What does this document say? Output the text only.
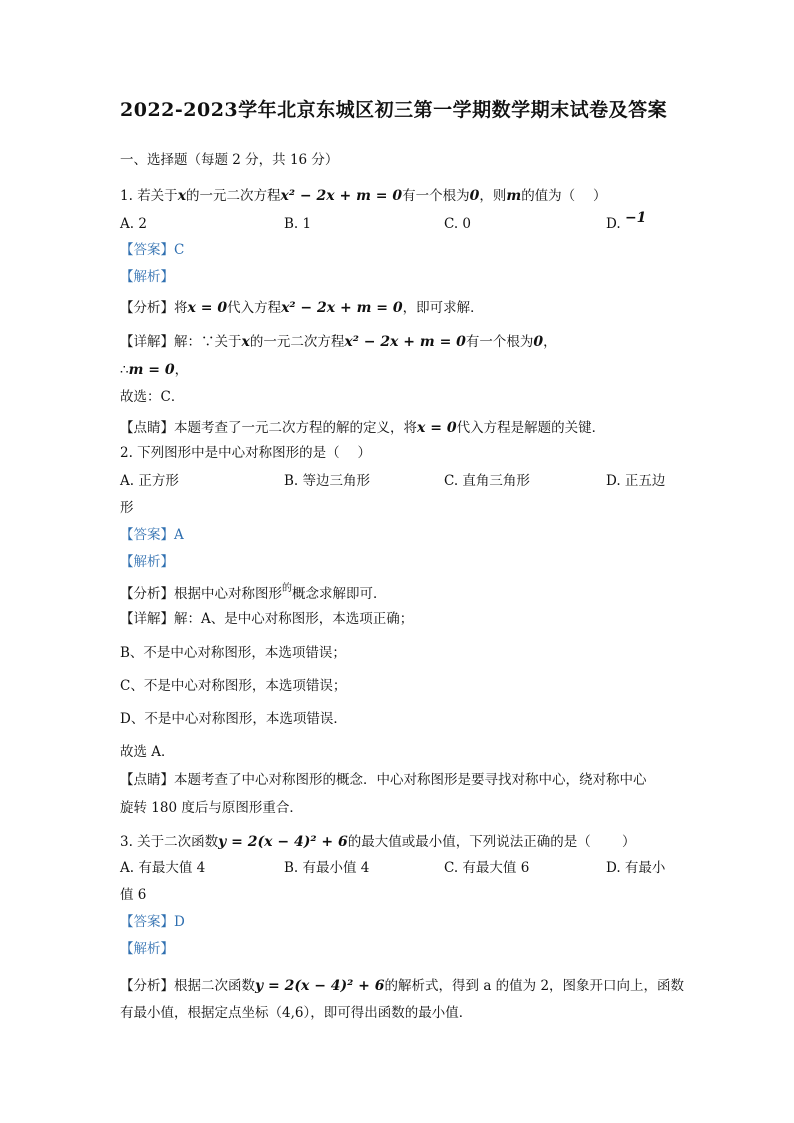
2022-2023学年北京东城区初三第一学期数学期末试卷及答案
一、选择题（每题 2 分，共 16 分）
1. 若关于x的一元二次方程x² − 2x + m = 0有一个根为0，则m的值为（　 ）
A. 2	B. 1	C. 0	D. −1
【答案】C
【解析】
【分析】将x = 0代入方程x² − 2x + m = 0，即可求解．
【详解】解：∵关于x的一元二次方程x² − 2x + m = 0有一个根为0，
∴m = 0，
故选：C．
【点睛】本题考查了一元二次方程的解的定义，将x = 0代入方程是解题的关键．
2. 下列图形中是中心对称图形的是（　 ）
A. 正方形	B. 等边三角形	C. 直角三角形	D. 正五边
形
【答案】A
【解析】
【分析】根据中心对称图形$^的$概念求解即可．
【详解】解：A、是中心对称图形，本选项正确；
B、不是中心对称图形，本选项错误；
C、不是中心对称图形，本选项错误；
D、不是中心对称图形，本选项错误．
故选 A．
【点睛】本题考查了中心对称图形的概念．中心对称图形是要寻找对称中心，绕对称中心
旋转 180 度后与原图形重合．
3. 关于二次函数y = 2(x − 4)² + 6的最大值或最小值，下列说法正确的是（　　 ）
A. 有最大值 4	B. 有最小值 4	C. 有最大值 6	D. 有最小
值 6
【答案】D
【解析】
【分析】根据二次函数y = 2(x − 4)² + 6的解析式，得到 a 的值为 2，图象开口向上，函数
有最小值，根据定点坐标（4,6），即可得出函数的最小值．
